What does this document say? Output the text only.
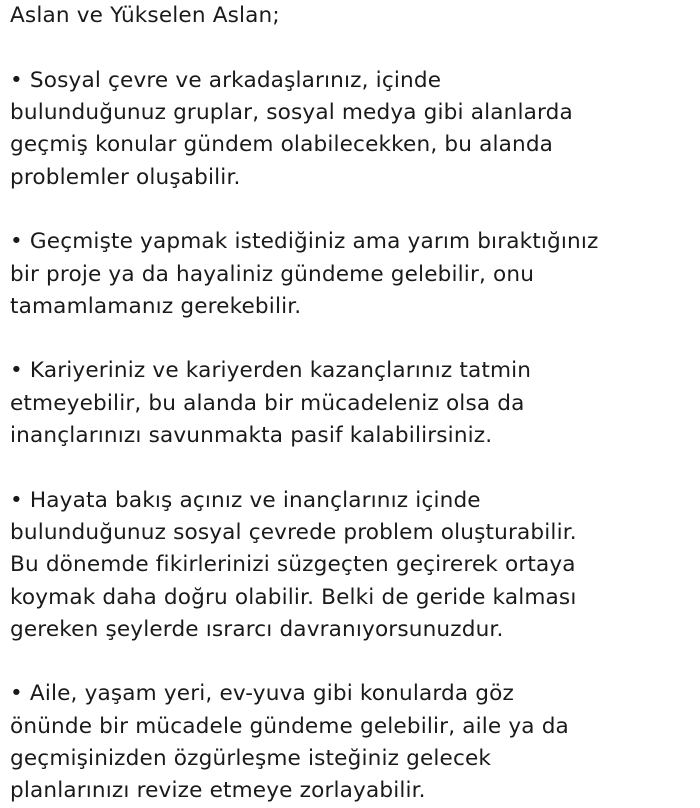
Aslan ve Yükselen Aslan;
• Sosyal çevre ve arkadaşlarınız, içinde
bulunduğunuz gruplar, sosyal medya gibi alanlarda
geçmiş konular gündem olabilecekken, bu alanda
problemler oluşabilir.
• Geçmişte yapmak istediğiniz ama yarım bıraktığınız
bir proje ya da hayaliniz gündeme gelebilir, onu
tamamlamanız gerekebilir.
• Kariyeriniz ve kariyerden kazançlarınız tatmin
etmeyebilir, bu alanda bir mücadeleniz olsa da
inançlarınızı savunmakta pasif kalabilirsiniz.
• Hayata bakış açınız ve inançlarınız içinde
bulunduğunuz sosyal çevrede problem oluşturabilir.
Bu dönemde fikirlerinizi süzgeçten geçirerek ortaya
koymak daha doğru olabilir. Belki de geride kalması
gereken şeylerde ısrarcı davranıyorsunuzdur.
• Aile, yaşam yeri, ev-yuva gibi konularda göz
önünde bir mücadele gündeme gelebilir, aile ya da
geçmişinizden özgürleşme isteğiniz gelecek
planlarınızı revize etmeye zorlayabilir.
